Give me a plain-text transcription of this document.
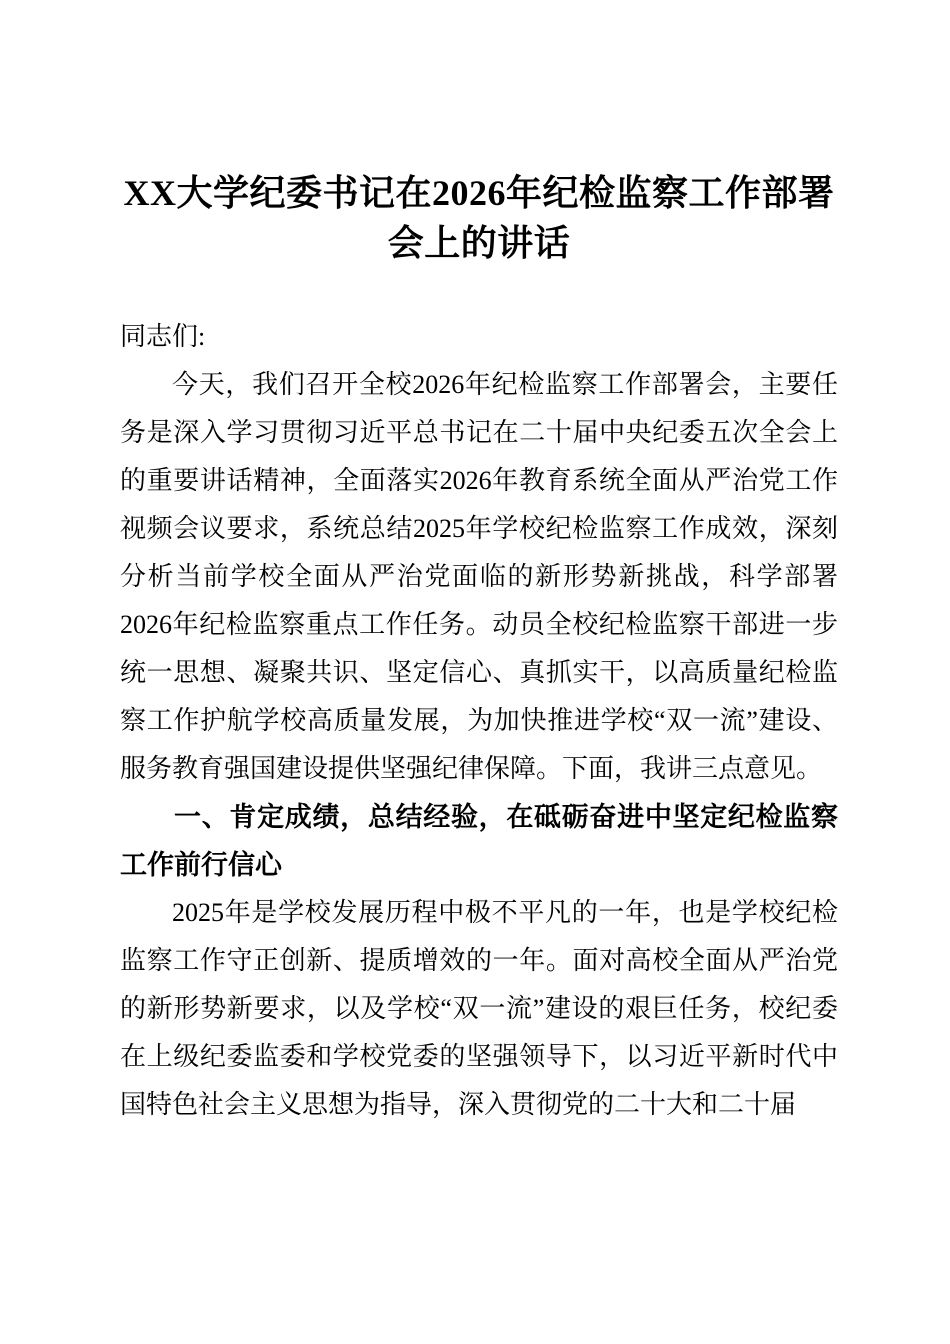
XX大学纪委书记在2026年纪检监察工作部署会上的讲话

同志们:

今天，我们召开全校2026年纪检监察工作部署会，主要任务是深入学习贯彻习近平总书记在二十届中央纪委五次全会上的重要讲话精神，全面落实2026年教育系统全面从严治党工作视频会议要求，系统总结2025年学校纪检监察工作成效，深刻分析当前学校全面从严治党面临的新形势新挑战，科学部署2026年纪检监察重点工作任务。动员全校纪检监察干部进一步统一思想、凝聚共识、坚定信心、真抓实干，以高质量纪检监察工作护航学校高质量发展，为加快推进学校“双一流”建设、服务教育强国建设提供坚强纪律保障。下面，我讲三点意见。

一、肯定成绩，总结经验，在砥砺奋进中坚定纪检监察工作前行信心

2025年是学校发展历程中极不平凡的一年，也是学校纪检监察工作守正创新、提质增效的一年。面对高校全面从严治党的新形势新要求，以及学校“双一流”建设的艰巨任务，校纪委在上级纪委监委和学校党委的坚强领导下，以习近平新时代中国特色社会主义思想为指导，深入贯彻党的二十大和二十届
